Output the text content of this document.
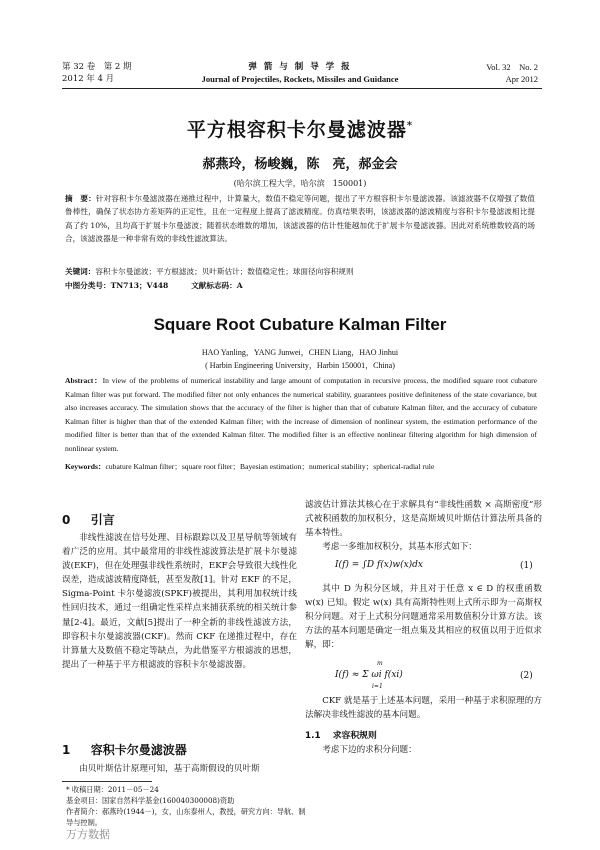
第 32 卷　第 2 期
2012 年 4 月
弹 箭 与 制 导 学 报
Journal of Projectiles, Rockets, Missiles and Guidance
Vol. 32　No. 2
Apr 2012
平方根容积卡尔曼滤波器*
郝燕玲，杨峻巍，陈　亮，郝金会
(哈尔滨工程大学，哈尔滨　150001)
摘　要：针对容积卡尔曼滤波器在递推过程中，计算量大，数值不稳定等问题，提出了平方根容积卡尔曼滤波器。该滤波器不仅增强了数值鲁棒性，确保了状态协方差矩阵的正定性，且在一定程度上提高了滤波精度。仿真结果表明，该滤波器的滤波精度与容积卡尔曼滤波相比提高了约 10%，且均高于扩展卡尔曼滤波；随着状态维数的增加，该滤波器的估计性能越加优于扩展卡尔曼滤波器。因此对系统维数较高的场合，该滤波器是一种非常有效的非线性滤波算法。
关键词：容积卡尔曼滤波；平方根滤波；贝叶斯估计；数值稳定性；球面径向容积规则
中图分类号：TN713；V448	文献标志码：A
Square Root Cubature Kalman Filter
HAO Yanling，YANG Junwei，CHEN Liang，HAO Jinhui
( Harbin Engineering University，Harbin 150001，China)
Abstract：In view of the problems of numerical instability and large amount of computation in recursive process, the modified square root cubature Kalman filter was put forward. The modified filter not only enhances the numerical stability, guarantees positive definiteness of the state covariance, but also increases accuracy. The simulation shows that the accuracy of the filter is higher than that of cubature Kalman filter, and the accuracy of cubature Kalman filter is higher than that of the extended Kalman filter; with the increase of dimension of nonlinear system, the estimation performance of the modified filter is better than that of the extended Kalman filter. The modified filter is an effective nonlinear filtering algorithm for high dimension of nonlinear system.
Keywords：cubature Kalman filter；square root filter；Bayesian estimation；numerical stability；spherical-radial rule
0 引言

非线性滤波在信号处理、目标跟踪以及卫星导航等领域有着广泛的应用。其中最常用的非线性滤波算法是扩展卡尔曼滤波(EKF)，但在处理强非线性系统时，EKF会导致很大线性化误差，造成滤波精度降低，甚至发散[1]。针对 EKF 的不足，Sigma-Point 卡尔曼滤波(SPKF)被提出，其利用加权统计线性回归技术，通过一组确定性采样点来捕获系统的相关统计参量[2-4]。最近，文献[5]提出了一种全新的非线性滤波方法，即容积卡尔曼滤波器(CKF)。然而 CKF 在递推过程中，存在计算量大及数值不稳定等缺点，为此借鉴平方根滤波的思想，提出了一种基于平方根滤波的容积卡尔曼滤波器。

1 容积卡尔曼滤波器

由贝叶斯估计原理可知，基于高斯假设的贝叶斯

* 收稿日期：2011－05－24
基金项目：国家自然科学基金(160040300008)资助
作者简介：郝燕玲(1944－)，女，山东泰州人，教授，研究方向：导航、制导与控制。

滤波估计算法其核心在于求解具有“非线性函数 × 高斯密度”形式被积函数的加权积分，这是高斯域贝叶斯估计算法所具备的基本特性。

考虑一多维加权积分，其基本形式如下：

I(f) = ∫D f(x)w(x)dx	(1)

其中 D 为积分区域，并且对于任意 x ∈ D 的权重函数 w(x) 已知。假定 w(x) 具有高斯特性则上式所示即为一高斯权积分问题。对于上式积分问题通常采用数值积分计算方法。该方法的基本问题是确定一组点集及其相应的权值以用于近似求解，即：

I(f) ≈ Σ ωi f(xi)
m
i=1
(2)

CKF 就是基于上述基本问题，采用一种基于求积原理的方法解决非线性滤波的基本问题。

1.1 求容积规则

考虑下边的求积分问题：

万方数据
